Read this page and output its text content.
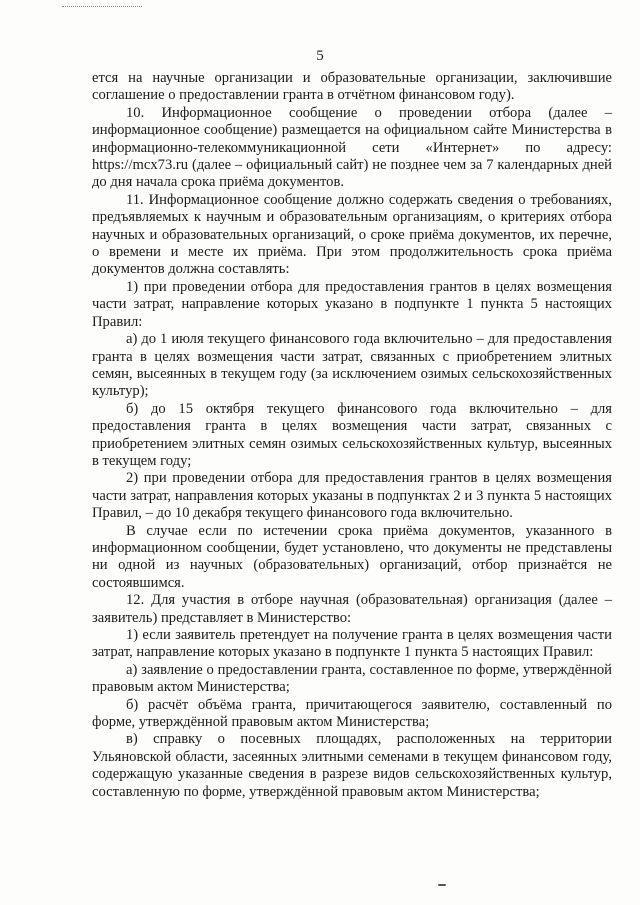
5

ется на научные организации и образовательные организации, заключившие соглашение о предоставлении гранта в отчётном финансовом году).

10. Информационное сообщение о проведении отбора (далее – информационное сообщение) размещается на официальном сайте Министерства в информационно-телекоммуникационной сети «Интернет» по адресу: https://mcx73.ru (далее – официальный сайт) не позднее чем за 7 календарных дней до дня начала срока приёма документов.

11. Информационное сообщение должно содержать сведения о требованиях, предъявляемых к научным и образовательным организациям, о критериях отбора научных и образовательных организаций, о сроке приёма документов, их перечне, о времени и месте их приёма. При этом продолжительность срока приёма документов должна составлять:

1) при проведении отбора для предоставления грантов в целях возмещения части затрат, направление которых указано в подпункте 1 пункта 5 настоящих Правил:

а) до 1 июля текущего финансового года включительно – для предоставления гранта в целях возмещения части затрат, связанных с приобретением элитных семян, высеянных в текущем году (за исключением озимых сельскохозяйственных культур);

б) до 15 октября текущего финансового года включительно – для предоставления гранта в целях возмещения части затрат, связанных с приобретением элитных семян озимых сельскохозяйственных культур, высеянных в текущем году;

2) при проведении отбора для предоставления грантов в целях возмещения части затрат, направления которых указаны в подпунктах 2 и 3 пункта 5 настоящих Правил, – до 10 декабря текущего финансового года включительно.

В случае если по истечении срока приёма документов, указанного в информационном сообщении, будет установлено, что документы не представлены ни одной из научных (образовательных) организаций, отбор признаётся не состоявшимся.

12. Для участия в отборе научная (образовательная) организация (далее – заявитель) представляет в Министерство:

1) если заявитель претендует на получение гранта в целях возмещения части затрат, направление которых указано в подпункте 1 пункта 5 настоящих Правил:

а) заявление о предоставлении гранта, составленное по форме, утверждённой правовым актом Министерства;

б) расчёт объёма гранта, причитающегося заявителю, составленный по форме, утверждённой правовым актом Министерства;

в) справку о посевных площадях, расположенных на территории Ульяновской области, засеянных элитными семенами в текущем финансовом году, содержащую указанные сведения в разрезе видов сельскохозяйственных культур, составленную по форме, утверждённой правовым актом Министерства;
